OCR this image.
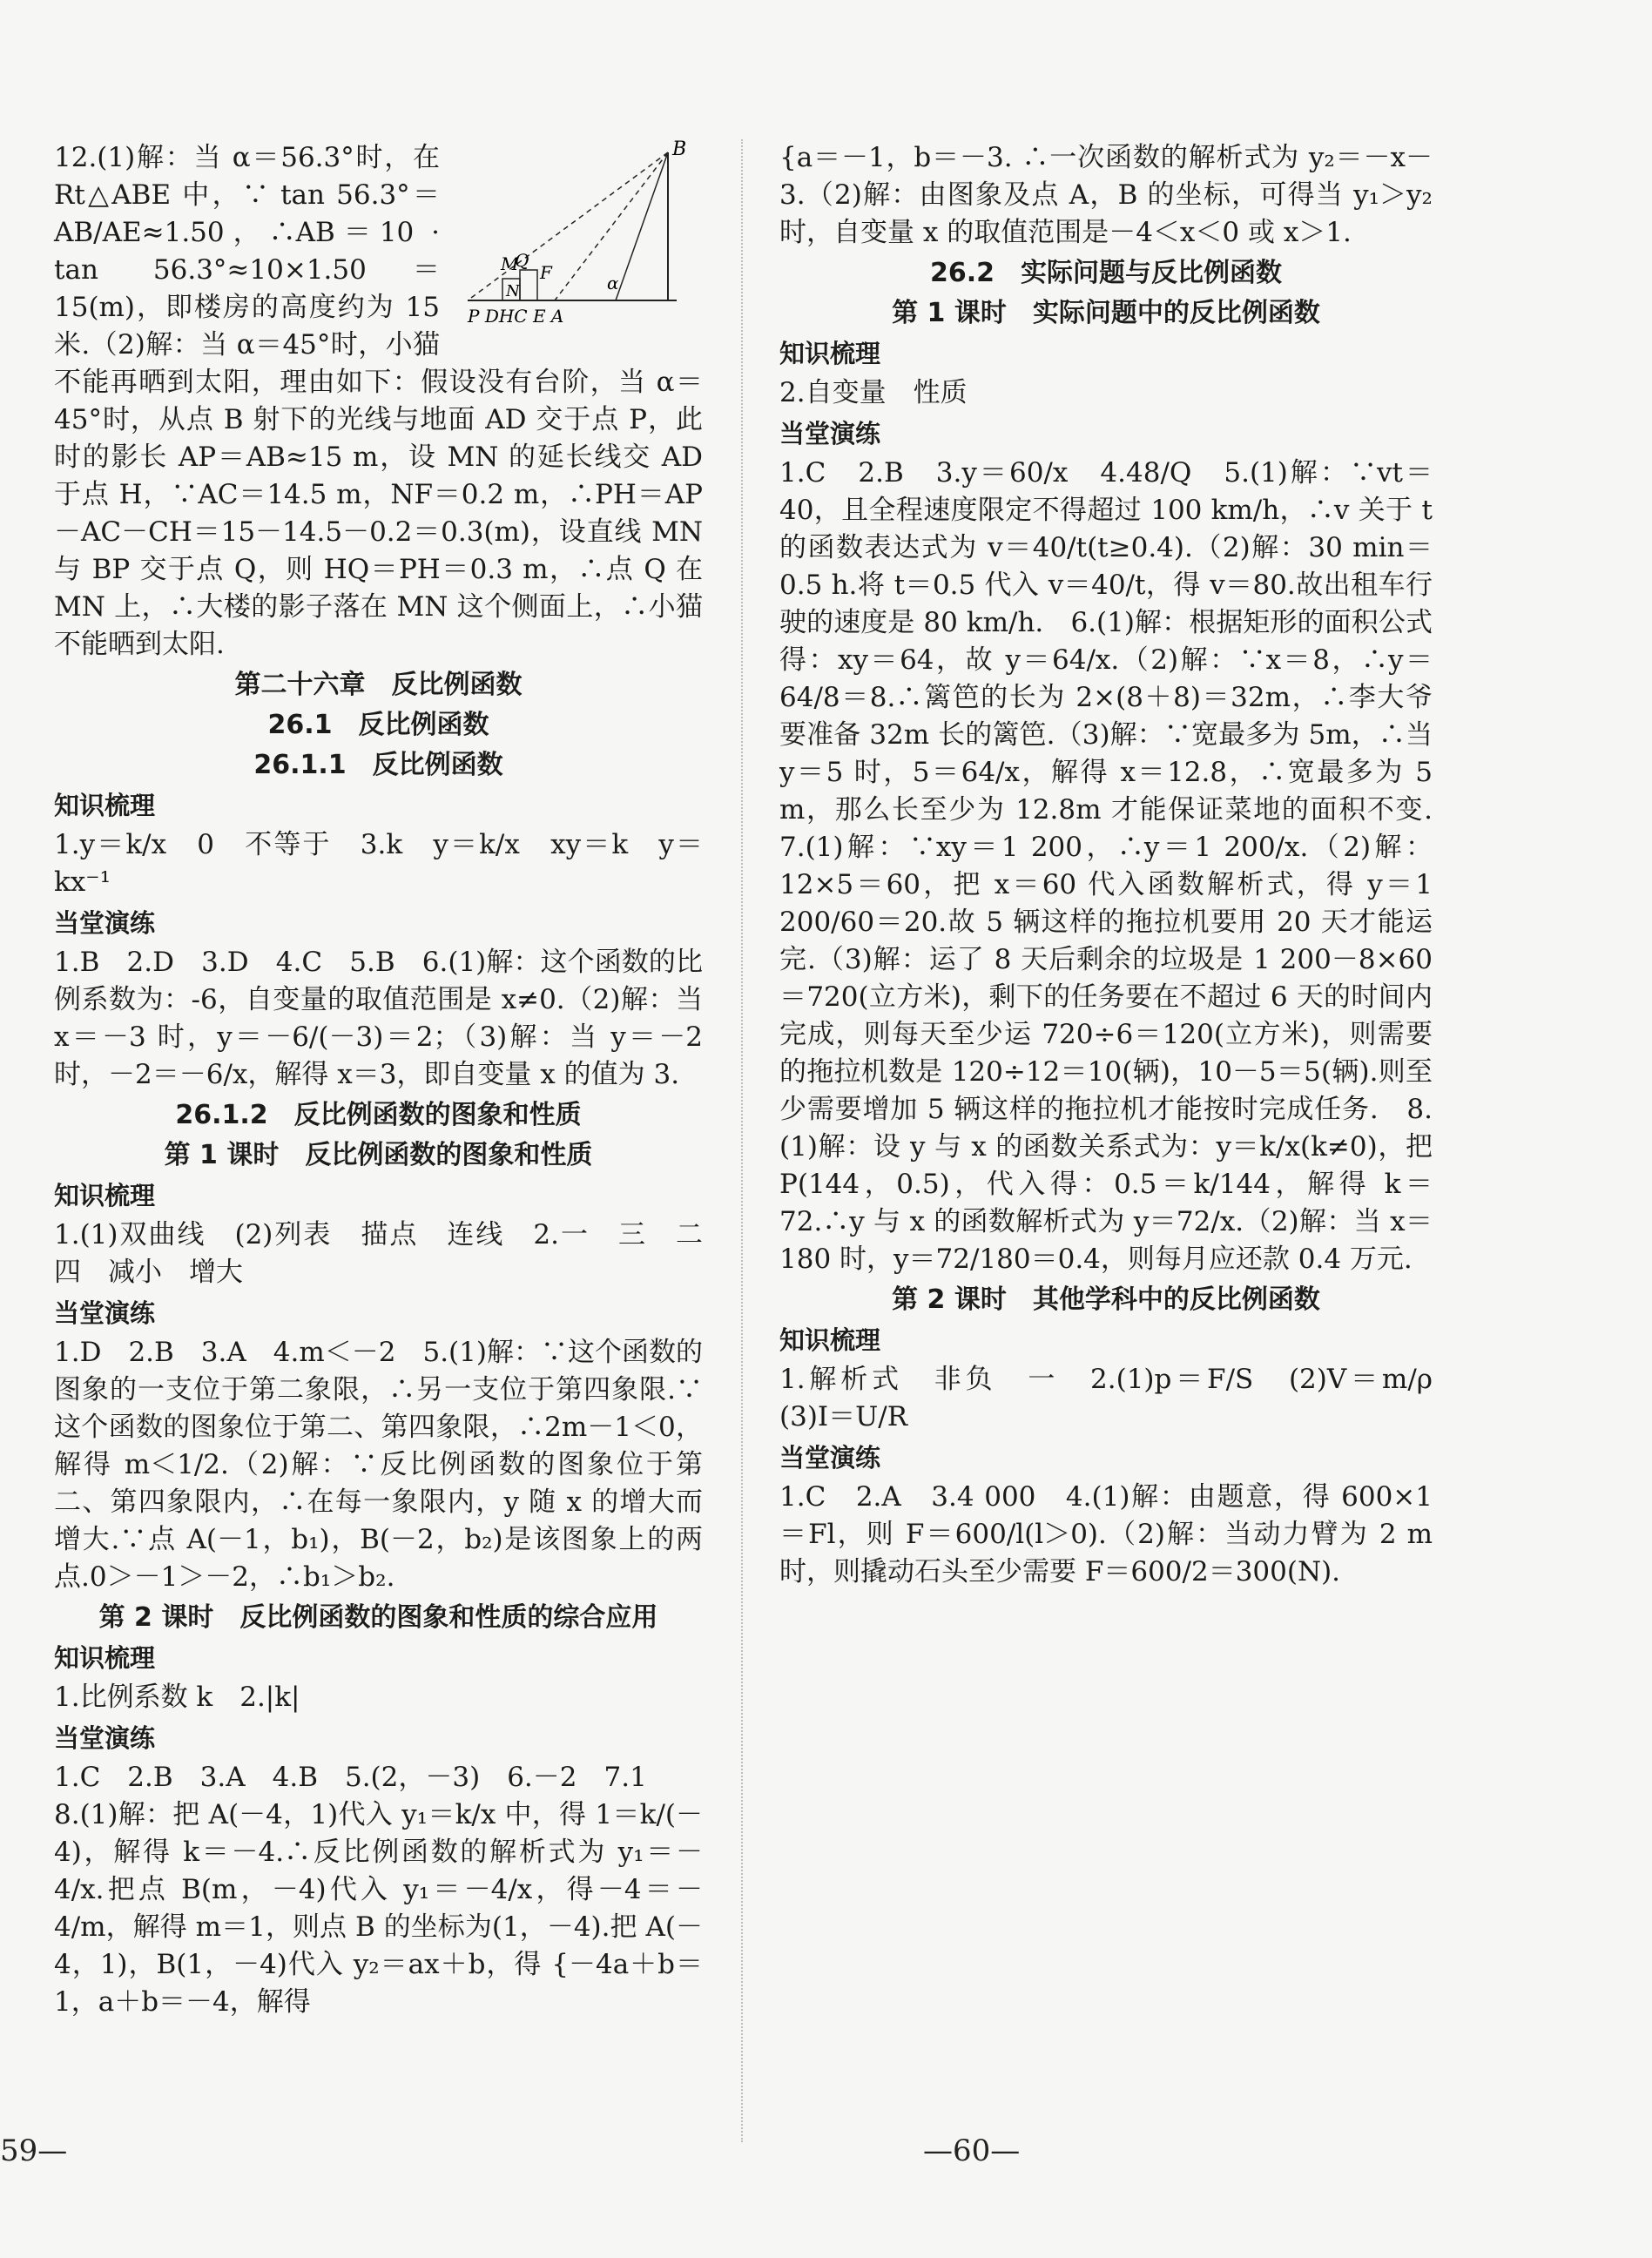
B
M
Q
F
N	α
P DHC E A

12.(1)解：当 α＝56.3°时，在 Rt△ABE 中，∵ tan 56.3°＝AB/AE≈1.50，∴AB＝10 · tan 56.3°≈10×1.50＝15(m)，即楼房的高度约为 15 米.（2)解：当 α＝45°时，小猫不能再晒到太阳，理由如下：假设没有台阶，当 α＝45°时，从点 B 射下的光线与地面 AD 交于点 P，此时的影长 AP＝AB≈15 m，设 MN 的延长线交 AD 于点 H，∵AC＝14.5 m，NF＝0.2 m，∴PH＝AP－AC－CH＝15－14.5－0.2＝0.3(m)，设直线 MN 与 BP 交于点 Q，则 HQ＝PH＝0.3 m，∴点 Q 在 MN 上，∴大楼的影子落在 MN 这个侧面上，∴小猫不能晒到太阳.

第二十六章　反比例函数
26.1　反比例函数
26.1.1　反比例函数
知识梳理

1.y＝k/x　0　不等于　3.k　y＝k/x　xy＝k　y＝kx⁻¹

当堂演练

1.B　2.D　3.D　4.C　5.B　6.(1)解：这个函数的比例系数为：-6，自变量的取值范围是 x≠0.（2)解：当 x＝－3 时，y＝－6/(－3)＝2；（3)解：当 y＝－2 时，－2＝－6/x，解得 x＝3，即自变量 x 的值为 3.

26.1.2　反比例函数的图象和性质
第 1 课时　反比例函数的图象和性质
知识梳理

1.(1)双曲线　(2)列表　描点　连线　2.一　三　二　四　减小　增大

当堂演练

1.D　2.B　3.A　4.m＜－2　5.(1)解：∵这个函数的图象的一支位于第二象限，∴另一支位于第四象限.∵这个函数的图象位于第二、第四象限，∴2m－1＜0，解得 m＜1/2.（2)解：∵反比例函数的图象位于第二、第四象限内，∴在每一象限内，y 随 x 的增大而增大.∵点 A(－1，b₁)，B(－2，b₂)是该图象上的两点.0＞－1＞－2，∴b₁＞b₂.

第 2 课时　反比例函数的图象和性质的综合应用
知识梳理

1.比例系数 k　2.|k|

当堂演练

1.C　2.B　3.A　4.B　5.(2，－3)　6.－2　7.1

8.(1)解：把 A(－4，1)代入 y₁＝k/x 中，得 1＝k/(－4)，解得 k＝－4.∴反比例函数的解析式为 y₁＝－4/x.把点 B(m，－4)代入 y₁＝－4/x，得－4＝－4/m，解得 m＝1，则点 B 的坐标为(1，－4).把 A(－4，1)，B(1，－4)代入 y₂＝ax＋b，得 {－4a＋b＝1，a＋b＝－4，解得

{a＝－1，b＝－3. ∴一次函数的解析式为 y₂＝－x－3.（2)解：由图象及点 A，B 的坐标，可得当 y₁＞y₂ 时，自变量 x 的取值范围是－4＜x＜0 或 x＞1.

26.2　实际问题与反比例函数
第 1 课时　实际问题中的反比例函数
知识梳理

2.自变量　性质

当堂演练

1.C　2.B　3.y＝60/x　4.48/Q　5.(1)解：∵vt＝40，且全程速度限定不得超过 100 km/h，∴v 关于 t 的函数表达式为 v＝40/t(t≥0.4).（2)解：30 min＝0.5 h.将 t＝0.5 代入 v＝40/t，得 v＝80.故出租车行驶的速度是 80 km/h.　6.(1)解：根据矩形的面积公式得：xy＝64，故 y＝64/x.（2)解：∵x＝8，∴y＝64/8＝8.∴篱笆的长为 2×(8＋8)＝32m，∴李大爷要准备 32m 长的篱笆.（3)解：∵宽最多为 5m，∴当 y＝5 时，5＝64/x，解得 x＝12.8，∴宽最多为 5 m，那么长至少为 12.8m 才能保证菜地的面积不变.　7.(1)解：∵xy＝1 200，∴y＝1 200/x.（2)解：12×5＝60，把 x＝60 代入函数解析式，得 y＝1 200/60＝20.故 5 辆这样的拖拉机要用 20 天才能运完.（3)解：运了 8 天后剩余的垃圾是 1 200－8×60＝720(立方米)，剩下的任务要在不超过 6 天的时间内完成，则每天至少运 720÷6＝120(立方米)，则需要的拖拉机数是 120÷12＝10(辆)，10－5＝5(辆).则至少需要增加 5 辆这样的拖拉机才能按时完成任务.　8.(1)解：设 y 与 x 的函数关系式为：y＝k/x(k≠0)，把 P(144，0.5)，代入得：0.5＝k/144，解得 k＝72.∴y 与 x 的函数解析式为 y＝72/x.（2)解：当 x＝180 时，y＝72/180＝0.4，则每月应还款 0.4 万元.

第 2 课时　其他学科中的反比例函数
知识梳理

1.解析式　非负　一　2.(1)p＝F/S　(2)V＝m/ρ　(3)I＝U/R

当堂演练

1.C　2.A　3.4 000　4.(1)解：由题意，得 600×1＝Fl，则 F＝600/l(l＞0).（2)解：当动力臂为 2 m 时，则撬动石头至少需要 F＝600/2＝300(N).

59—	—60—
